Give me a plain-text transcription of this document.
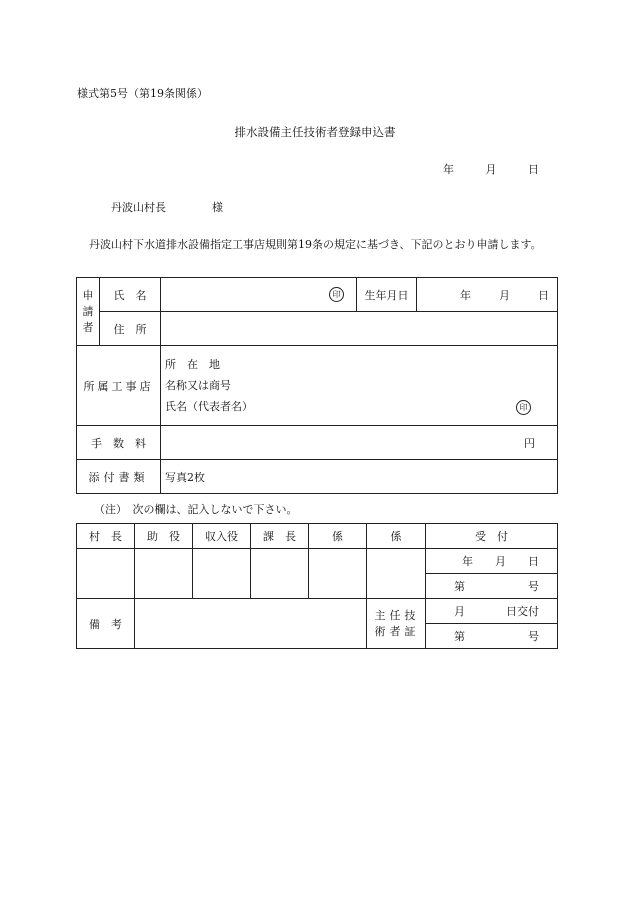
様式第5号（第19条関係）
排水設備主任技術者登録申込書
年	月	日
丹波山村長	様
丹波山村下水道排水設備指定工事店規則第19条の規定に基づき、下記のとおり申請します。
申請者	氏　名	印	生年月日	年 月 日
	住　所			
所属工事店		所　在　地
名称又は商号
氏名（代表者名） 印		

手　数　料		円		
添付書類		写真2枚		
（注）　次の欄は、記入しないで下さい。
村　長	助　役	収入役	課　長	係	係	受　付
						年 月 日
						第 号

備　考					主任技術者証	月 日交付

						第 号
